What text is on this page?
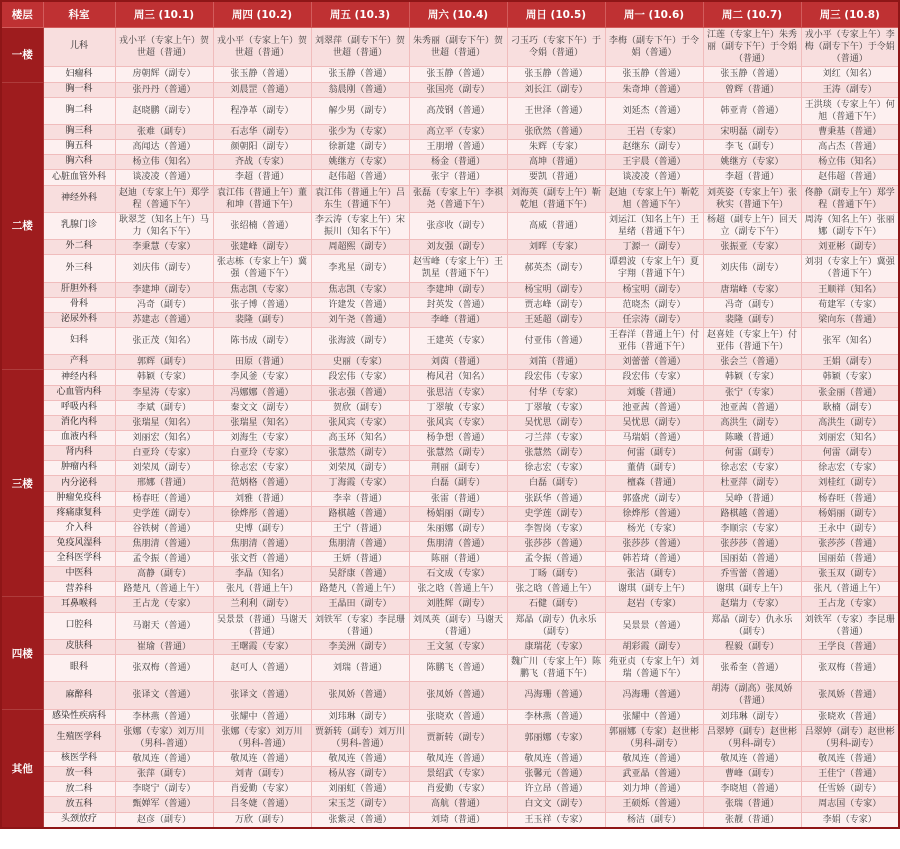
楼层	科室	周三 (10.1)	周四 (10.2)	周五 (10.3)	周六 (10.4)	周日 (10.5)	周一 (10.6)	周二 (10.7)	周三 (10.8)
一楼	儿科	戎小平（专家上午）贺世超（普通）	戎小平（专家上午）贺世超（普通）	刘翠萍（副专下午）贺世超（普通）	朱秀丽（副专下午）贺世超（普通）	刁玉巧（专家下午）于令娟（普通）	李梅（副专下午）于令娟（普通）	江莲（专家上午）朱秀丽（副专下午）于令娟（普通）	戎小平（专家上午）李梅（副专下午）于令娟（普通）
	妇瘤科	房朝辉（副专）	张玉静（普通）	张玉静（普通）	张玉静（普通）	张玉静（普通）	张玉静（普通）	张玉静（普通）	刘红（知名）
二楼	胸一科	张丹丹（普通）	刘晨罡（普通）	翁晨刚（普通）	张国亮（副专）	刘长江（副专）	朱奇坤（普通）	曾辉（普通）	王涛（副专）
	胸二科	赵晓鹏（副专）	程净革（副专）	解少男（副专）	高茂钢（普通）	王世泽（普通）	刘延杰（普通）	韩亚青（普通）	王洪琰（专家上午）何旭（普通下午）
	胸三科	张难（副专）	石志华（副专）	张少为（专家）	高立平（专家）	张欣然（普通）	王岩（专家）	宋明磊（副专）	曹秉基（普通）
	胸五科	高闻达（普通）	颜朝阳（副专）	徐新建（副专）	王朋增（普通）	朱辉（专家）	赵继东（副专）	李飞（副专）	高占杰（普通）
	胸六科	杨立伟（知名）	齐战（专家）	姚继方（专家）	杨金（普通）	高坤（普通）	王宇晨（普通）	姚继方（专家）	杨立伟（知名）
	心脏血管外科	谈凌凌（普通）	李超（普通）	赵伟超（普通）	张宇（普通）	要凯（普通）	谈凌凌（普通）	李超（普通）	赵伟超（普通）
	神经外科	赵迪（专家上午）郑学程（普通下午）	袁江伟（普通上午）董和坤（普通下午）	袁江伟（普通上午）吕东生（普通下午）	张磊（专家上午）李祺尧（普通下午）	刘海英（副专上午）靳乾旭（普通下午）	赵迪（专家上午）靳乾旭（普通下午）	刘英姿（专家上午）张秋实（普通下午）	佟静（副专上午）郑学程（普通下午）
	乳腺门诊	耿翠芝（知名上午）马力（知名下午）	张绍楠（普通）	李云涛（专家上午）宋振川（知名下午）	张彦收（副专）	高威（普通）	刘运江（知名上午）王星绪（普通下午）	杨超（副专上午）回天立（副专下午）	周涛（知名上午）张丽娜（副专下午）
	外二科	李秉慧（专家）	张建峰（副专）	周超熙（副专）	刘友强（副专）	刘晖（专家）	丁源一（副专）	张振亚（专家）	刘亚彬（副专）
	外三科	刘庆伟（副专）	张志栋（专家上午）冀强（普通下午）	李兆星（副专）	赵雪峰（专家上午）王凯星（普通下午）	郝英杰（副专）	谭碧波（专家上午）夏宇翔（普通下午）	刘庆伟（副专）	刘羽（专家上午）冀强（普通下午）
	肝胆外科	李建坤（副专）	焦志凯（专家）	焦志凯（专家）	李建坤（副专）	杨宝明（副专）	杨宝明（副专）	唐瑞峰（专家）	王顺祥（知名）
	骨科	冯奇（副专）	张子博（普通）	许建发（普通）	封英发（普通）	贾志峰（副专）	范晓杰（副专）	冯奇（副专）	荀建军（专家）
	泌尿外科	苏建志（普通）	裴隆（副专）	刘午尧（普通）	李峰（普通）	王延超（副专）	任宗涛（副专）	裴隆（副专）	梁向东（普通）
	妇科	张正茂（知名）	陈书成（副专）	张海波（副专）	王建英（专家）	付亚伟（普通）	王春洋（普通上午）付亚伟（普通下午）	赵喜娃（专家上午）付亚伟（普通下午）	张军（知名）
	产科	郭辉（副专）	田原（普通）	史丽（专家）	刘茵（普通）	刘笛（普通）	刘蕾蕾（普通）	张会兰（普通）	王娟（副专）
三楼	神经内科	韩颖（专家）	李风釜（专家）	段宏伟（专家）	梅风君（知名）	段宏伟（专家）	段宏伟（专家）	韩颖（专家）	韩颖（专家）
	心血管内科	李星涛（专家）	冯娜娜（普通）	张志强（普通）	张思洁（专家）	付华（专家）	刘璇（普通）	张宁（专家）	张金丽（普通）
	呼吸内科	李斌（副专）	秦文文（副专）	贺欣（副专）	丁翠敏（专家）	丁翠敏（专家）	池亚茜（普通）	池亚茜（普通）	耿楠（副专）
	消化内科	张瑞星（知名）	张瑞星（知名）	张风宾（专家）	张风宾（专家）	吴忧思（副专）	吴忧思（副专）	高洪生（副专）	高洪生（副专）
	血液内科	刘丽宏（知名）	刘海生（专家）	高玉环（知名）	杨争想（普通）	刁兰萍（专家）	马瑞娟（普通）	陈曦（普通）	刘丽宏（知名）
	肾内科	白亚玲（专家）	白亚玲（专家）	张慧然（副专）	张慧然（副专）	张慧然（副专）	何雷（副专）	何雷（副专）	何雷（副专）
	肿瘤内科	刘荣凤（副专）	徐志宏（专家）	刘荣凤（副专）	荆丽（副专）	徐志宏（专家）	董倩（副专）	徐志宏（专家）	徐志宏（专家）
	内分泌科	邢娜（普通）	范炳格（普通）	丁海霞（专家）	白磊（副专）	白磊（副专）	檀森（普通）	杜亚萍（副专）	刘桂红（副专）
	肿瘤免疫科	杨春旺（普通）	刘雅（普通）	李幸（普通）	张雷（普通）	张跃华（普通）	郭盛虎（副专）	吴峥（普通）	杨春旺（普通）
	疼痛康复科	史学莲（副专）	徐烨彤（普通）	路棋越（普通）	杨娟丽（副专）	史学莲（副专）	徐烨彤（普通）	路棋越（普通）	杨娟丽（副专）
	介入科	谷铁树（普通）	史博（副专）	王宁（普通）	朱丽娜（副专）	李智岗（专家）	杨光（专家）	李顺宗（专家）	王永中（副专）
	免疫风湿科	焦朋清（普通）	焦朋清（普通）	焦朋清（普通）	焦朋清（普通）	张莎莎（普通）	张莎莎（普通）	张莎莎（普通）	张莎莎（普通）
	全科医学科	孟令振（普通）	张文哲（普通）	王妍（普通）	陈丽（普通）	孟令振（普通）	韩若琦（普通）	国丽茹（普通）	国丽茹（普通）
	中医科	高静（副专）	李晶（知名）	吴舒康（普通）	石文成（专家）	丁旸（副专）	张洁（副专）	乔雪蕾（普通）	张玉双（副专）
	营养科	路楚凡（普通上午）	张凡（普通上午）	路楚凡（普通上午）	张之晗（普通上午）	张之晗（普通上午）	谢琪（副专上午）	谢琪（副专上午）	张凡（普通上午）
四楼	耳鼻喉科	王占龙（专家）	兰利利（副专）	王晶田（副专）	刘胜辉（副专）	石健（副专）	赵岩（专家）	赵瑞力（专家）	王占龙（专家）
	口腔科	马谢天（普通）	吴景景（普通）马谢天（普通）	刘铁军（专家）李昆珊（普通）	刘凤英（副专）马谢天（普通）	郑晶（副专）仇永乐（副专）	吴景景（普通）	郑晶（副专）仇永乐（副专）	刘铁军（专家）李昆珊（普通）
	皮肤科	崔瑜（普通）	王曙霞（专家）	李美洲（副专）	王文氢（专家）	康瑞花（专家）	胡彩霞（副专）	程毅（副专）	王学良（普通）
	眼科	张双梅（普通）	赵可人（普通）	刘瑞（普通）	陈鹏飞（普通）	魏广川（专家上午）陈鹏飞（普通下午）	苑亚贞（专家上午）刘瑞（普通下午）	张希奎（普通）	张双梅（普通）
	麻醉科	张译文（普通）	张译文（普通）	张凤娇（普通）	张凤娇（普通）	冯海珊（普通）	冯海珊（普通）	胡涛（副高）张凤娇（普通）	张凤娇（普通）
其他	感染性疾病科	李林燕（普通）	张耀中（普通）	刘玮琳（副专）	张晓欢（普通）	李林燕（普通）	张耀中（普通）	刘玮琳（副专）	张晓欢（普通）
	生殖医学科	张娜（专家）刘万川（男科-普通）	张娜（专家）刘万川（男科-普通）	贾新转（副专）刘万川（男科-普通）	贾新转（副专）	郭丽娜（专家）	郭丽娜（专家）赵世彬（男科-副专）	吕翠婷（副专）赵世彬（男科-副专）	吕翠婷（副专）赵世彬（男科-副专）
	核医学科	敬凤连（普通）	敬凤连（普通）	敬凤连（普通）	敬凤连（普通）	敬凤连（普通）	敬凤连（普通）	敬凤连（普通）	敬凤连（普通）
	放一科	张萍（副专）	刘青（副专）	杨从容（副专）	景绍武（专家）	张馨元（普通）	武亚晶（普通）	曹峰（副专）	王佳宁（普通）
	放二科	李晓宁（副专）	肖爱勤（专家）	刘丽虹（普通）	肖爱勤（专家）	许立昂（普通）	刘力坤（普通）	李晓旭（普通）	任雪娇（副专）
	放五科	甄婵军（普通）	吕冬婕（普通）	宋玉芝（副专）	高航（普通）	白文文（副专）	王硕烁（普通）	张瑞（普通）	周志国（专家）
	头颈放疗	赵彦（副专）	万欣（副专）	张紫灵（普通）	刘琦（普通）	王玉祥（专家）	杨洁（副专）	张靓（普通）	李娟（专家）
